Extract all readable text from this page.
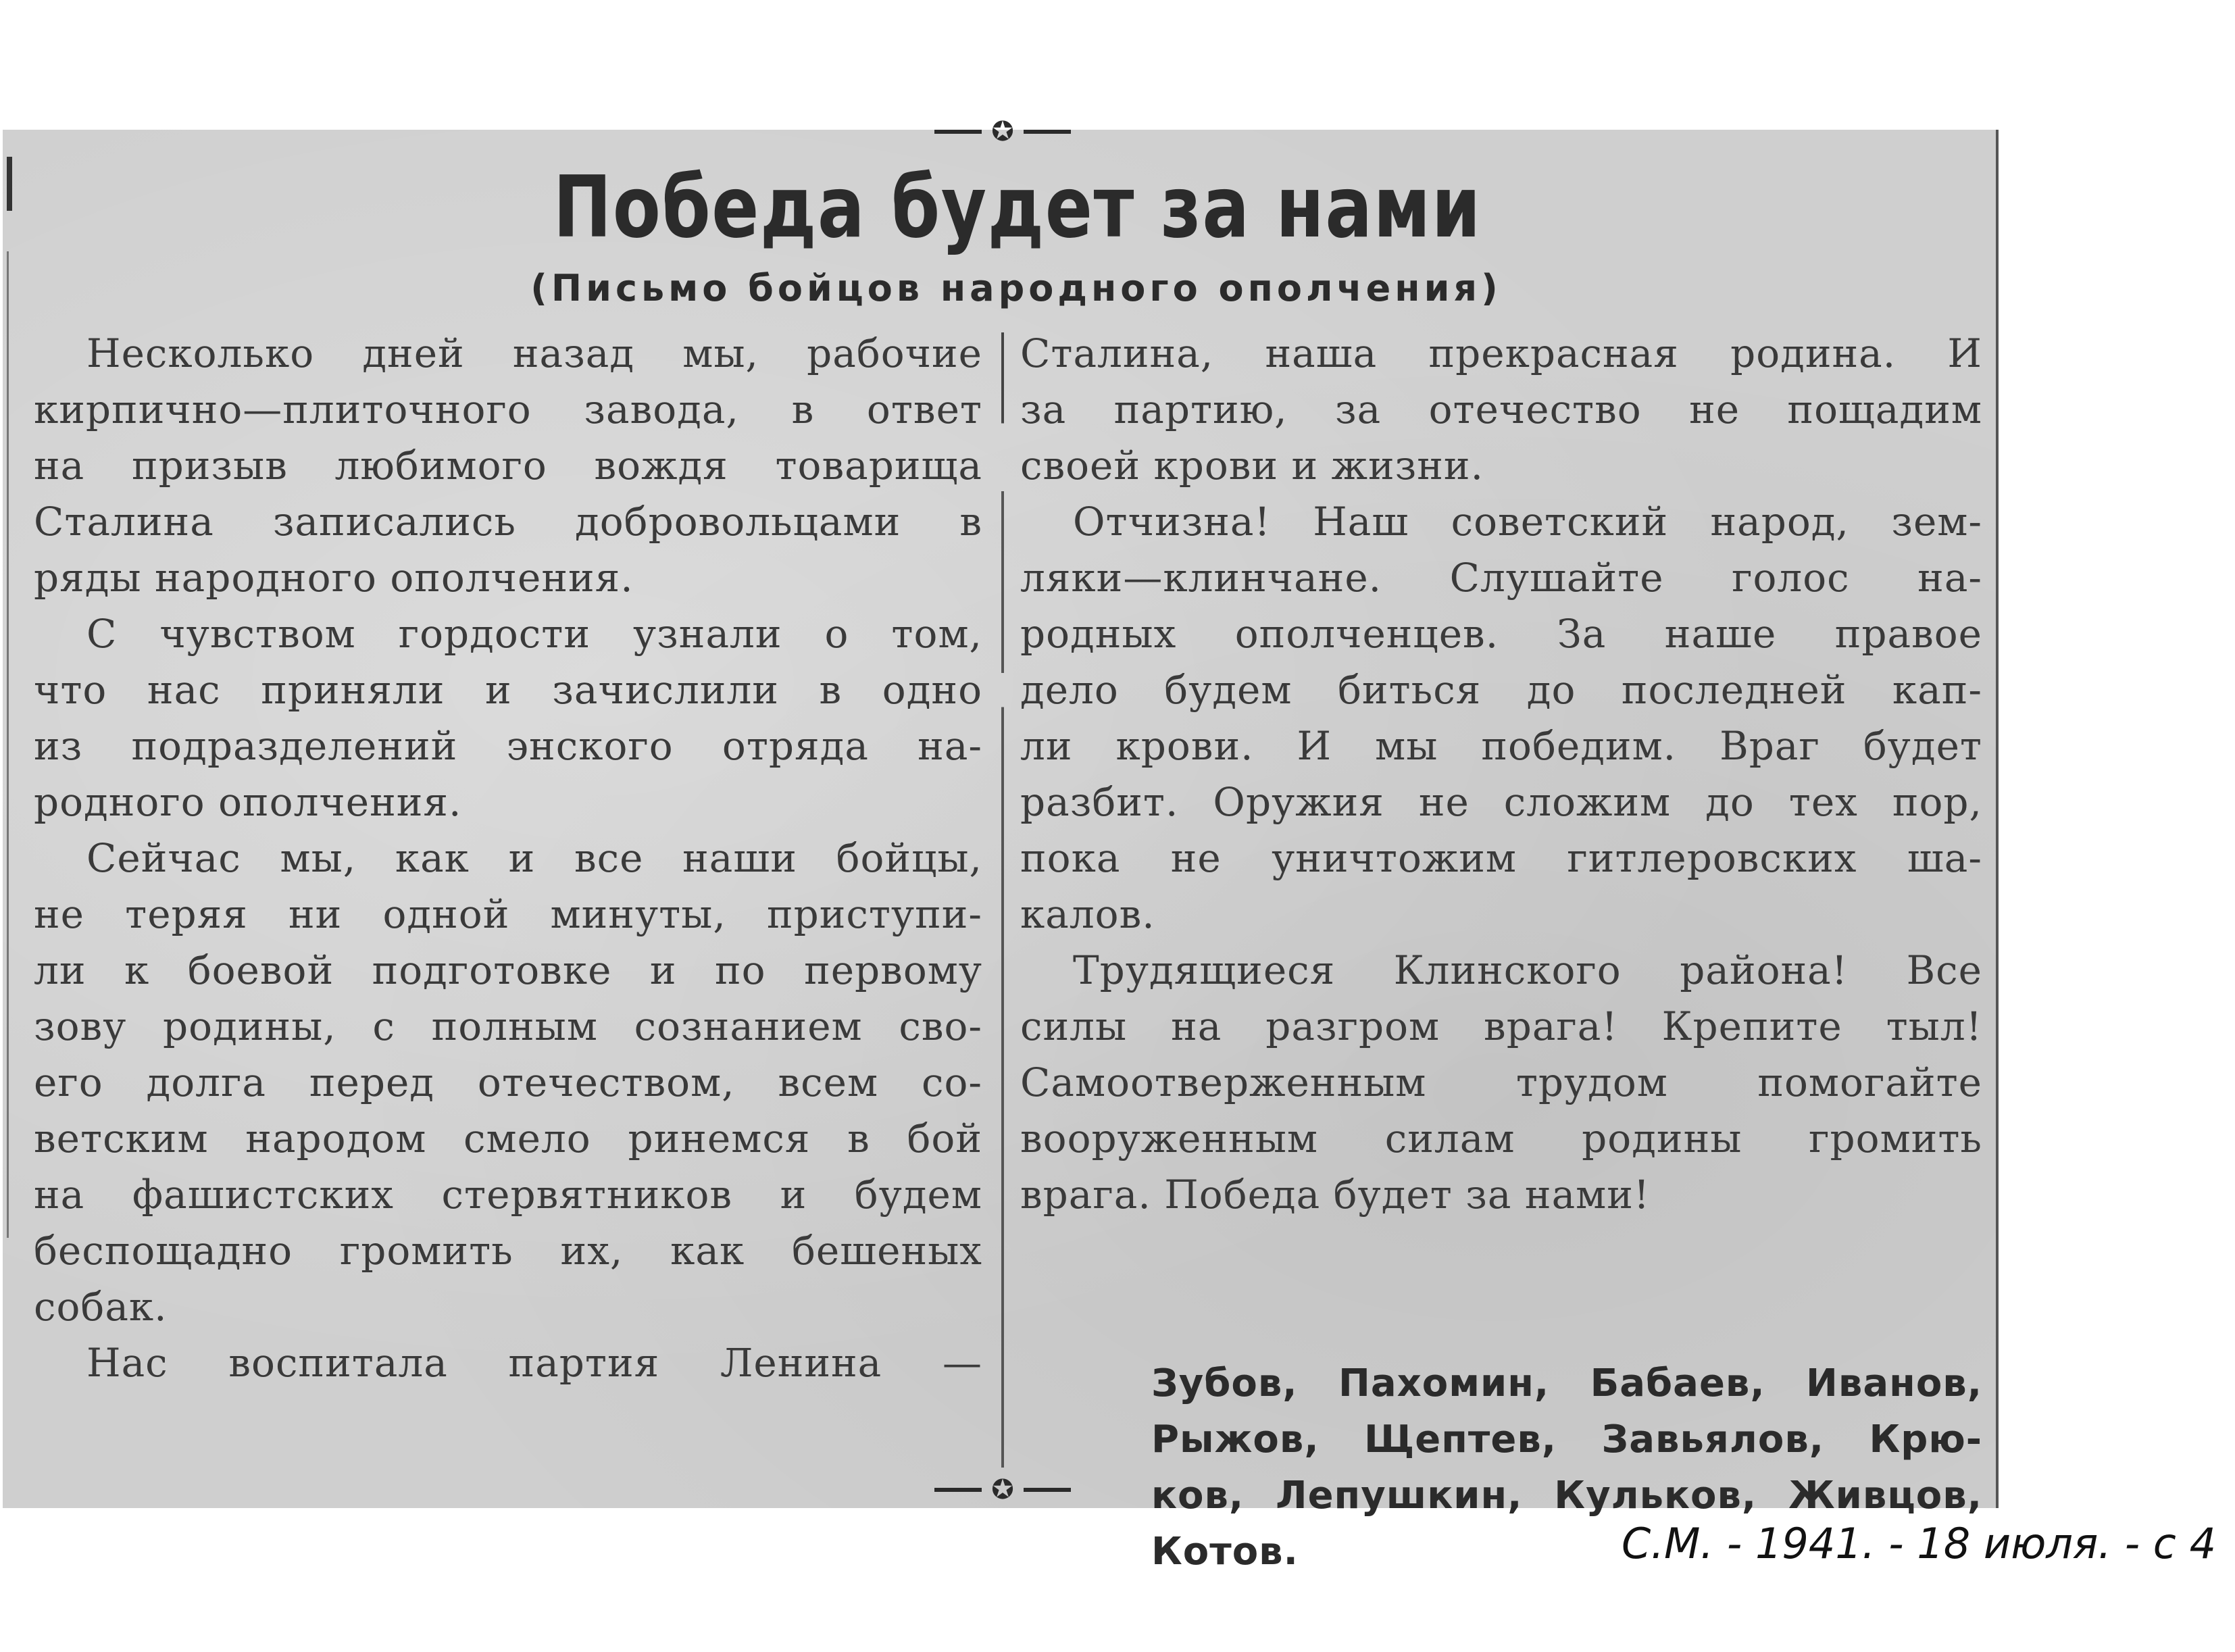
✪
Победа будет за нами
(Письмо бойцов народного ополчения)
Несколько дней назад мы, рабочие
кирпично—плиточного завода, в ответ
на призыв любимого вождя товарища
Сталина записались добровольцами в
ряды народного ополчения.
С чувством гордости узнали о том,
что нас приняли и зачислили в одно
из подразделений энского отряда на-
родного ополчения.
Сейчас мы, как и все наши бойцы,
не теряя ни одной минуты, приступи-
ли к боевой подготовке и по первому
зову родины, с полным сознанием сво-
его долга перед отечеством, всем со-
ветским народом смело ринемся в бой
на фашистских стервятников и будем
беспощадно громить их, как бешеных
собак.
Нас воспитала партия Ленина —
Сталина, наша прекрасная родина. И
за партию, за отечество не пощадим
своей крови и жизни.
Отчизна! Наш советский народ, зем-
ляки—клинчане. Слушайте голос на-
родных ополченцев. За наше правое
дело будем биться до последней кап-
ли крови. И мы победим. Враг будет
разбит. Оружия не сложим до тех пор,
пока не уничтожим гитлеровских ша-
калов.
Трудящиеся Клинского района! Все
силы на разгром врага! Крепите тыл!
Самоотверженным трудом помогайте
вооруженным силам родины громить
врага. Победа будет за нами!
Зубов, Пахомин, Бабаев, Иванов,
Рыжов, Щептев, Завьялов, Крю-
ков, Лепушкин, Кульков, Живцов,
Котов.
✪
С.М. - 1941. - 18 июля. - с 4
